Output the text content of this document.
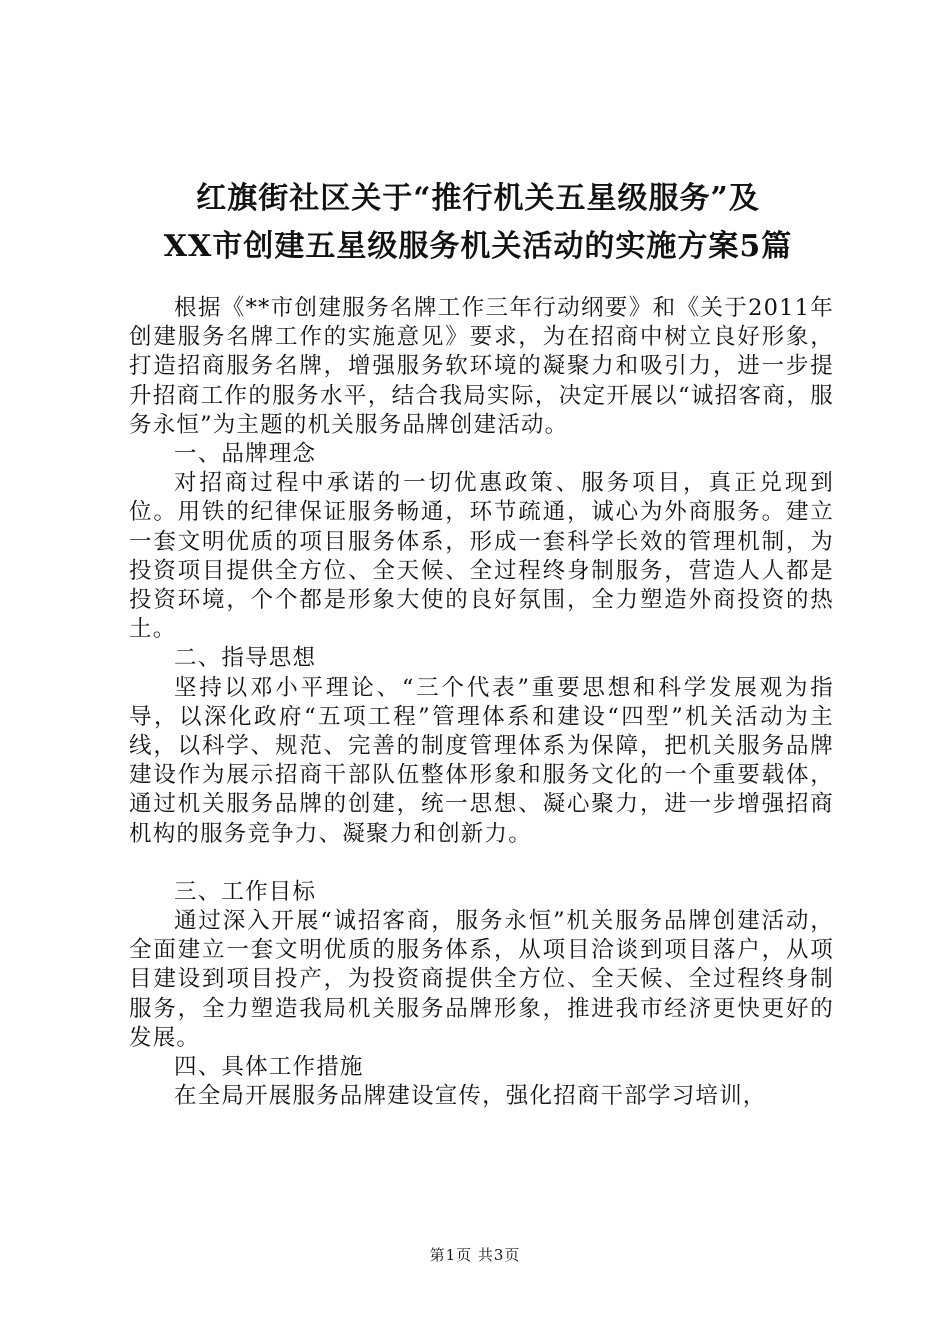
红旗街社区关于“推行机关五星级服务”及
XX市创建五星级服务机关活动的实施方案5篇

根据《**市创建服务名牌工作三年行动纲要》和《关于2011年创建服务名牌工作的实施意见》要求，为在招商中树立良好形象，打造招商服务名牌，增强服务软环境的凝聚力和吸引力，进一步提升招商工作的服务水平，结合我局实际，决定开展以“诚招客商，服务永恒”为主题的机关服务品牌创建活动。

一、品牌理念

对招商过程中承诺的一切优惠政策、服务项目，真正兑现到位。用铁的纪律保证服务畅通，环节疏通，诚心为外商服务。建立一套文明优质的项目服务体系，形成一套科学长效的管理机制，为投资项目提供全方位、全天候、全过程终身制服务，营造人人都是投资环境，个个都是形象大使的良好氛围，全力塑造外商投资的热土。

二、指导思想

坚持以邓小平理论、“三个代表”重要思想和科学发展观为指导，以深化政府“五项工程”管理体系和建设“四型”机关活动为主线，以科学、规范、完善的制度管理体系为保障，把机关服务品牌建设作为展示招商干部队伍整体形象和服务文化的一个重要载体，通过机关服务品牌的创建，统一思想、凝心聚力，进一步增强招商机构的服务竞争力、凝聚力和创新力。

三、工作目标

通过深入开展“诚招客商，服务永恒”机关服务品牌创建活动，全面建立一套文明优质的服务体系，从项目洽谈到项目落户，从项目建设到项目投产，为投资商提供全方位、全天候、全过程终身制服务，全力塑造我局机关服务品牌形象，推进我市经济更快更好的发展。

四、具体工作措施

在全局开展服务品牌建设宣传，强化招商干部学习培训，

第1页 共3页
